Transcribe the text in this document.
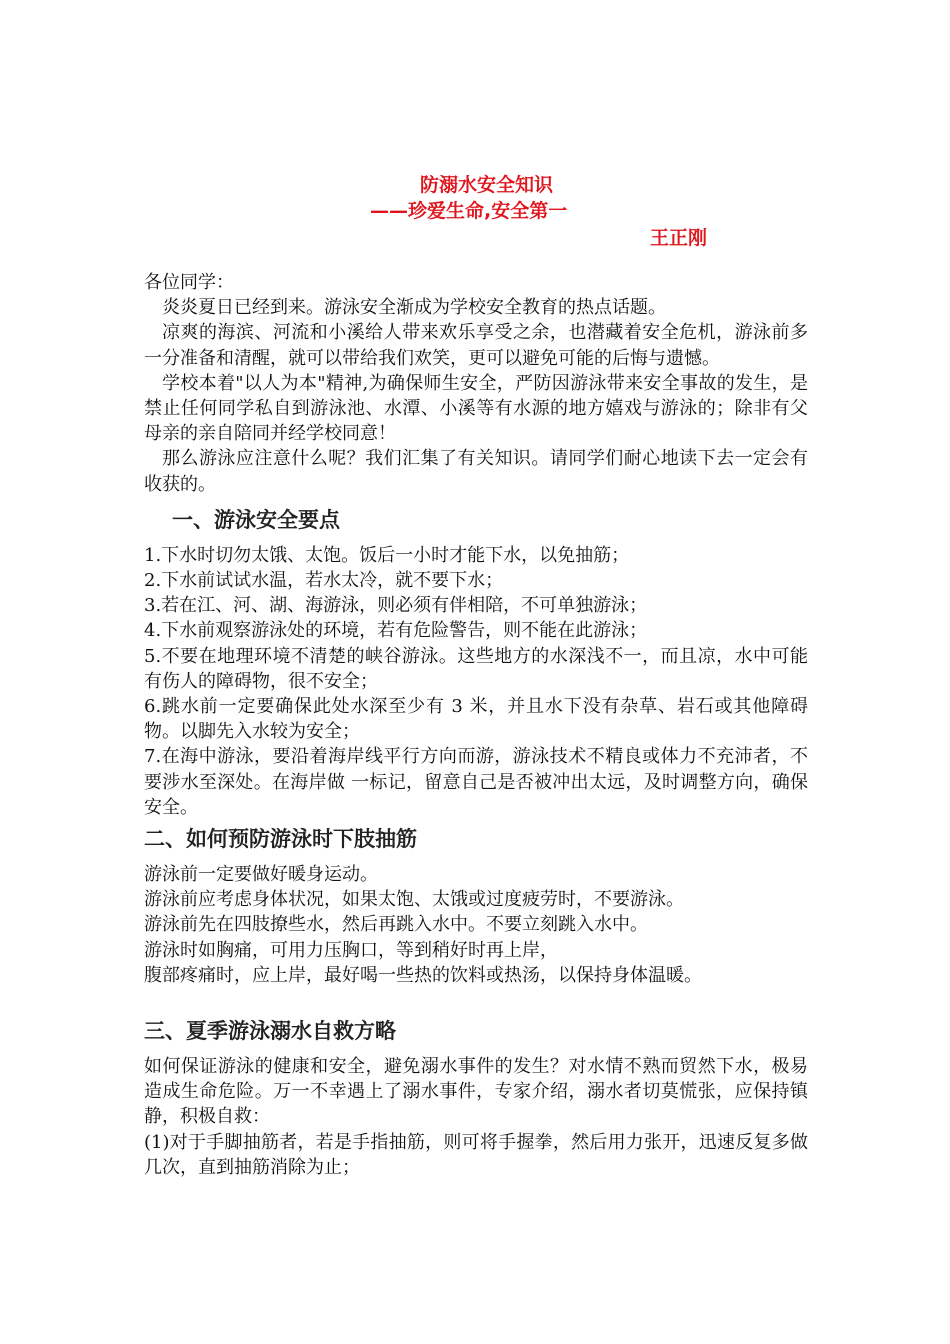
防溺水安全知识
——珍爱生命,安全第一
王正刚

各位同学：

炎炎夏日已经到来。游泳安全渐成为学校安全教育的热点话题。

凉爽的海滨、河流和小溪给人带来欢乐享受之余，也潜藏着安全危机，游泳前多一分准备和清醒，就可以带给我们欢笑，更可以避免可能的后悔与遗憾。

学校本着"以人为本"精神,为确保师生安全，严防因游泳带来安全事故的发生，是禁止任何同学私自到游泳池、水潭、小溪等有水源的地方嬉戏与游泳的；除非有父母亲的亲自陪同并经学校同意！

那么游泳应注意什么呢？我们汇集了有关知识。请同学们耐心地读下去一定会有收获的。

一、游泳安全要点

1.下水时切勿太饿、太饱。饭后一小时才能下水，以免抽筋；

2.下水前试试水温，若水太冷，就不要下水；

3.若在江、河、湖、海游泳，则必须有伴相陪，不可单独游泳；

4.下水前观察游泳处的环境，若有危险警告，则不能在此游泳；

5.不要在地理环境不清楚的峡谷游泳。这些地方的水深浅不一，而且凉，水中可能有伤人的障碍物，很不安全；

6.跳水前一定要确保此处水深至少有 3 米，并且水下没有杂草、岩石或其他障碍物。以脚先入水较为安全；

7.在海中游泳，要沿着海岸线平行方向而游，游泳技术不精良或体力不充沛者，不要涉水至深处。在海岸做 一标记，留意自己是否被冲出太远，及时调整方向，确保安全。

二、如何预防游泳时下肢抽筋

游泳前一定要做好暖身运动。

游泳前应考虑身体状况，如果太饱、太饿或过度疲劳时，不要游泳。

游泳前先在四肢撩些水，然后再跳入水中。不要立刻跳入水中。

游泳时如胸痛，可用力压胸口，等到稍好时再上岸，

腹部疼痛时，应上岸，最好喝一些热的饮料或热汤，以保持身体温暖。

三、夏季游泳溺水自救方略

如何保证游泳的健康和安全，避免溺水事件的发生？对水情不熟而贸然下水，极易造成生命危险。万一不幸遇上了溺水事件，专家介绍，溺水者切莫慌张，应保持镇静，积极自救：

(1)对于手脚抽筋者，若是手指抽筋，则可将手握拳，然后用力张开，迅速反复多做几次，直到抽筋消除为止；
